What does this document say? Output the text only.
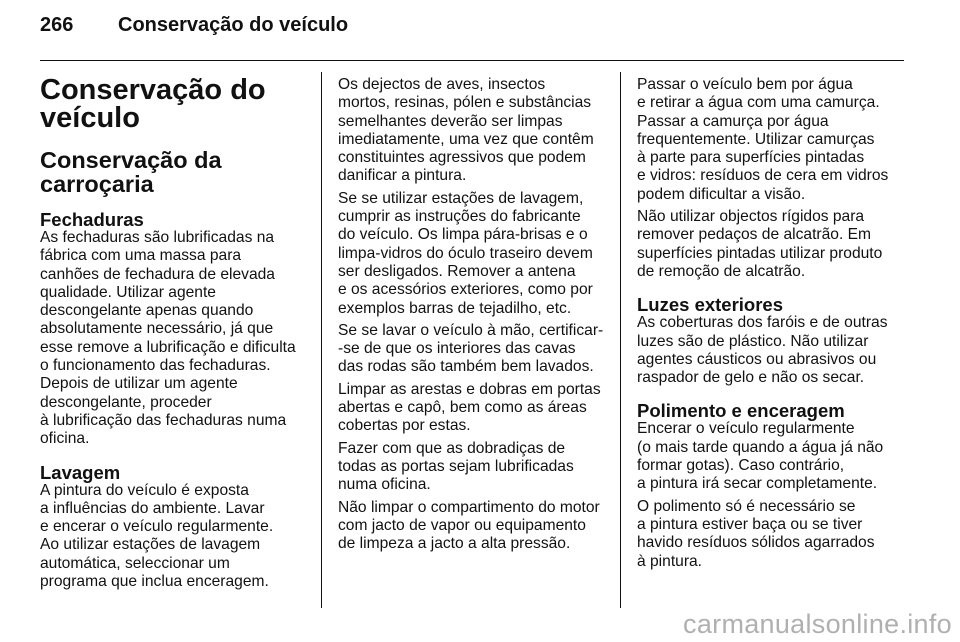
266	Conservação do veículo
Conservação do
veículo
Conservação da
carroçaria
Fechaduras

As fechaduras são lubrificadas na
fábrica com uma massa para
canhões de fechadura de elevada
qualidade. Utilizar agente
descongelante apenas quando
absolutamente necessário, já que
esse remove a lubrificação e dificulta
o funcionamento das fechaduras.
Depois de utilizar um agente
descongelante, proceder
à lubrificação das fechaduras numa
oficina.

Lavagem

A pintura do veículo é exposta
a influências do ambiente. Lavar
e encerar o veículo regularmente.
Ao utilizar estações de lavagem
automática, seleccionar um
programa que inclua enceragem.

Os dejectos de aves, insectos
mortos, resinas, pólen e substâncias
semelhantes deverão ser limpas
imediatamente, uma vez que contêm
constituintes agressivos que podem
danificar a pintura.

Se se utilizar estações de lavagem,
cumprir as instruções do fabricante
do veículo. Os limpa pára-brisas e o
limpa-vidros do óculo traseiro devem
ser desligados. Remover a antena
e os acessórios exteriores, como por
exemplos barras de tejadilho, etc.

Se se lavar o veículo à mão, certificar-
-se de que os interiores das cavas
das rodas são também bem lavados.

Limpar as arestas e dobras em portas
abertas e capô, bem como as áreas
cobertas por estas.

Fazer com que as dobradiças de
todas as portas sejam lubrificadas
numa oficina.

Não limpar o compartimento do motor
com jacto de vapor ou equipamento
de limpeza a jacto a alta pressão.

Passar o veículo bem por água
e retirar a água com uma camurça.
Passar a camurça por água
frequentemente. Utilizar camurças
à parte para superfícies pintadas
e vidros: resíduos de cera em vidros
podem dificultar a visão.

Não utilizar objectos rígidos para
remover pedaços de alcatrão. Em
superfícies pintadas utilizar produto
de remoção de alcatrão.

Luzes exteriores

As coberturas dos faróis e de outras
luzes são de plástico. Não utilizar
agentes cáusticos ou abrasivos ou
raspador de gelo e não os secar.

Polimento e enceragem

Encerar o veículo regularmente
(o mais tarde quando a água já não
formar gotas). Caso contrário,
a pintura irá secar completamente.

O polimento só é necessário se
a pintura estiver baça ou se tiver
havido resíduos sólidos agarrados
à pintura.

carmanualsonline.info
